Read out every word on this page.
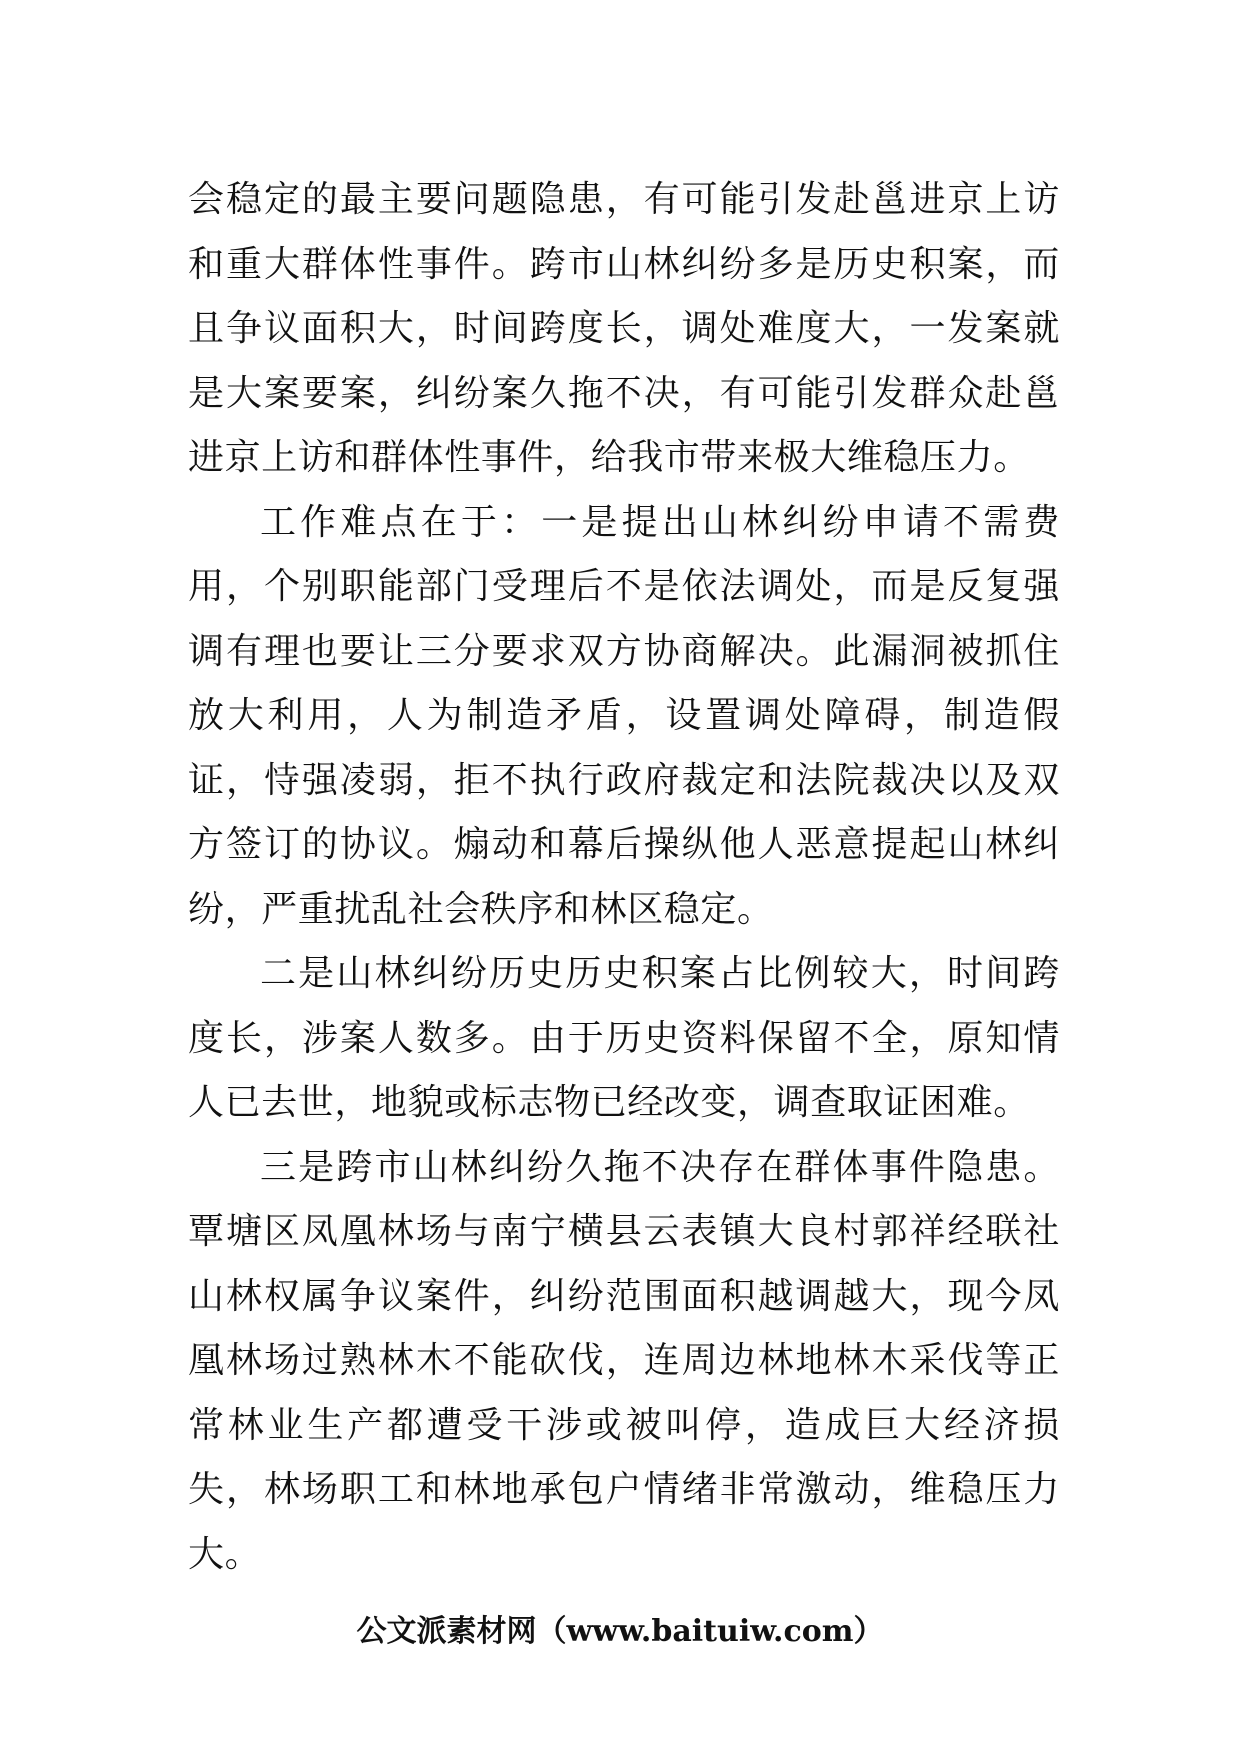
会稳定的最主要问题隐患，有可能引发赴邕进京上访和重大群体性事件。跨市山林纠纷多是历史积案，而且争议面积大，时间跨度长，调处难度大，一发案就是大案要案，纠纷案久拖不决，有可能引发群众赴邕进京上访和群体性事件，给我市带来极大维稳压力。

工作难点在于：一是提出山林纠纷申请不需费用，个别职能部门受理后不是依法调处，而是反复强调有理也要让三分要求双方协商解决。此漏洞被抓住放大利用，人为制造矛盾，设置调处障碍，制造假证，恃强凌弱，拒不执行政府裁定和法院裁决以及双方签订的协议。煽动和幕后操纵他人恶意提起山林纠纷，严重扰乱社会秩序和林区稳定。

二是山林纠纷历史历史积案占比例较大，时间跨度长，涉案人数多。由于历史资料保留不全，原知情人已去世，地貌或标志物已经改变，调查取证困难。

三是跨市山林纠纷久拖不决存在群体事件隐患。覃塘区凤凰林场与南宁横县云表镇大良村郭祥经联社山林权属争议案件，纠纷范围面积越调越大，现今凤凰林场过熟林木不能砍伐，连周边林地林木采伐等正常林业生产都遭受干涉或被叫停，造成巨大经济损失，林场职工和林地承包户情绪非常激动，维稳压力大。

公文派素材网（www.baituiw.com）
